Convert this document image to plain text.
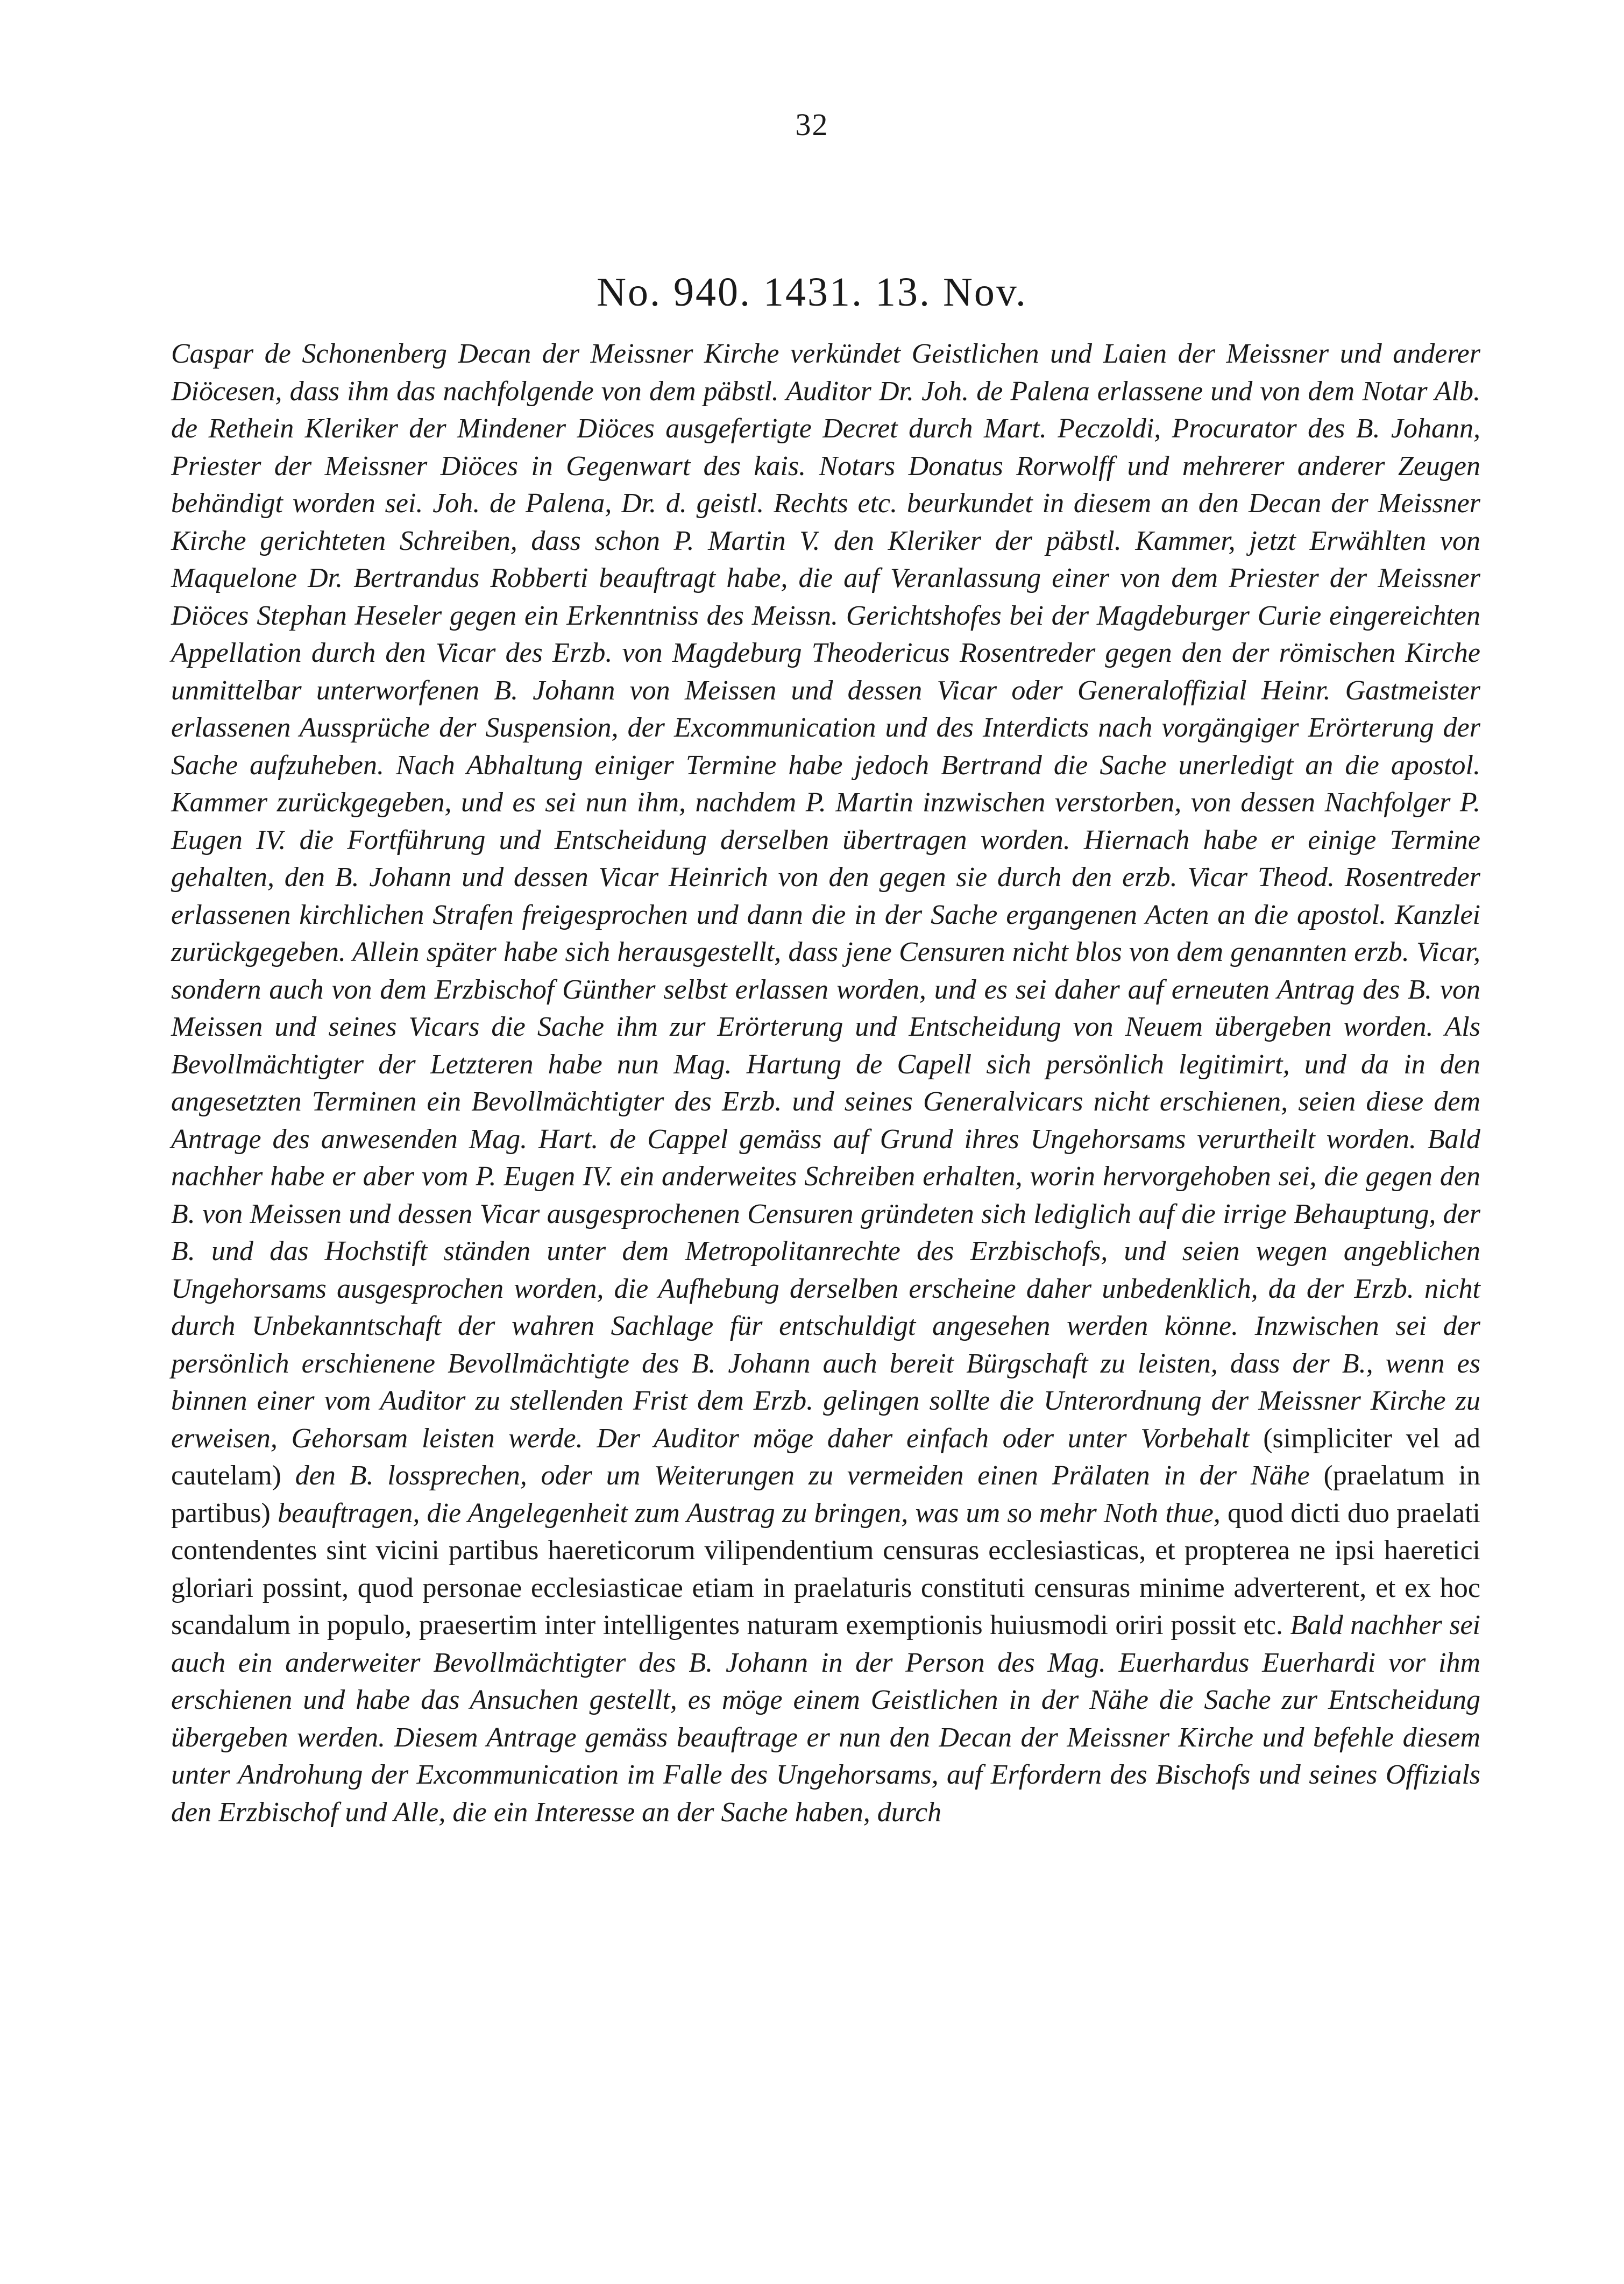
32
No. 940. 1431. 13. Nov.

Caspar de Schonenberg Decan der Meissner Kirche verkündet Geistlichen und Laien der Meissner und anderer Diöcesen, dass ihm das nachfolgende von dem päbstl. Auditor Dr. Joh. de Palena erlassene und von dem Notar Alb. de Rethein Kleriker der Mindener Diöces ausgefertigte Decret durch Mart. Peczoldi, Procurator des B. Johann, Priester der Meissner Diöces in Gegenwart des kais. Notars Donatus Rorwolff und mehrerer anderer Zeugen behändigt worden sei. Joh. de Palena, Dr. d. geistl. Rechts etc. beurkundet in diesem an den Decan der Meissner Kirche gerichteten Schreiben, dass schon P. Martin V. den Kleriker der päbstl. Kammer, jetzt Erwählten von Maquelone Dr. Bertrandus Robberti beauftragt habe, die auf Veranlassung einer von dem Priester der Meissner Diöces Stephan Heseler gegen ein Erkenntniss des Meissn. Gerichtshofes bei der Magdeburger Curie eingereichten Appellation durch den Vicar des Erzb. von Magdeburg Theodericus Rosentreder gegen den der römischen Kirche unmittelbar unterworfenen B. Johann von Meissen und dessen Vicar oder Generaloffizial Heinr. Gastmeister erlassenen Aussprüche der Suspension, der Excommunication und des Interdicts nach vorgängiger Erörterung der Sache aufzuheben. Nach Abhaltung einiger Termine habe jedoch Bertrand die Sache unerledigt an die apostol. Kammer zurückgegeben, und es sei nun ihm, nachdem P. Martin inzwischen verstorben, von dessen Nachfolger P. Eugen IV. die Fortführung und Entscheidung derselben übertragen worden. Hiernach habe er einige Termine gehalten, den B. Johann und dessen Vicar Heinrich von den gegen sie durch den erzb. Vicar Theod. Rosentreder erlassenen kirchlichen Strafen freigesprochen und dann die in der Sache ergangenen Acten an die apostol. Kanzlei zurückgegeben. Allein später habe sich herausgestellt, dass jene Censuren nicht blos von dem genannten erzb. Vicar, sondern auch von dem Erzbischof Günther selbst erlassen worden, und es sei daher auf erneuten Antrag des B. von Meissen und seines Vicars die Sache ihm zur Erörterung und Entscheidung von Neuem übergeben worden. Als Bevollmächtigter der Letzteren habe nun Mag. Hartung de Capell sich persönlich legitimirt, und da in den angesetzten Terminen ein Bevollmächtigter des Erzb. und seines Generalvicars nicht erschienen, seien diese dem Antrage des anwesenden Mag. Hart. de Cappel gemäss auf Grund ihres Ungehorsams verurtheilt worden. Bald nachher habe er aber vom P. Eugen IV. ein anderweites Schreiben erhalten, worin hervorgehoben sei, die gegen den B. von Meissen und dessen Vicar ausgesprochenen Censuren gründeten sich lediglich auf die irrige Behauptung, der B. und das Hochstift ständen unter dem Metropolitanrechte des Erzbischofs, und seien wegen angeblichen Ungehorsams ausgesprochen worden, die Aufhebung derselben erscheine daher unbedenklich, da der Erzb. nicht durch Unbekanntschaft der wahren Sachlage für entschuldigt angesehen werden könne. Inzwischen sei der persönlich erschienene Bevollmächtigte des B. Johann auch bereit Bürgschaft zu leisten, dass der B., wenn es binnen einer vom Auditor zu stellenden Frist dem Erzb. gelingen sollte die Unterordnung der Meissner Kirche zu erweisen, Gehorsam leisten werde. Der Auditor möge daher einfach oder unter Vorbehalt (simpliciter vel ad cautelam) den B. lossprechen, oder um Weiterungen zu vermeiden einen Prälaten in der Nähe (praelatum in partibus) beauftragen, die Angelegenheit zum Austrag zu bringen, was um so mehr Noth thue, quod dicti duo praelati contendentes sint vicini partibus haereticorum vilipendentium censuras ecclesiasticas, et propterea ne ipsi haeretici gloriari possint, quod personae ecclesiasticae etiam in praelaturis constituti censuras minime adverterent, et ex hoc scandalum in populo, praesertim inter intelligentes naturam exemptionis huiusmodi oriri possit etc. Bald nachher sei auch ein anderweiter Bevollmächtigter des B. Johann in der Person des Mag. Euerhardus Euerhardi vor ihm erschienen und habe das Ansuchen gestellt, es möge einem Geistlichen in der Nähe die Sache zur Entscheidung übergeben werden. Diesem Antrage gemäss beauftrage er nun den Decan der Meissner Kirche und befehle diesem unter Androhung der Excommunication im Falle des Ungehorsams, auf Erfordern des Bischofs und seines Offizials den Erzbischof und Alle, die ein Interesse an der Sache haben, durch
